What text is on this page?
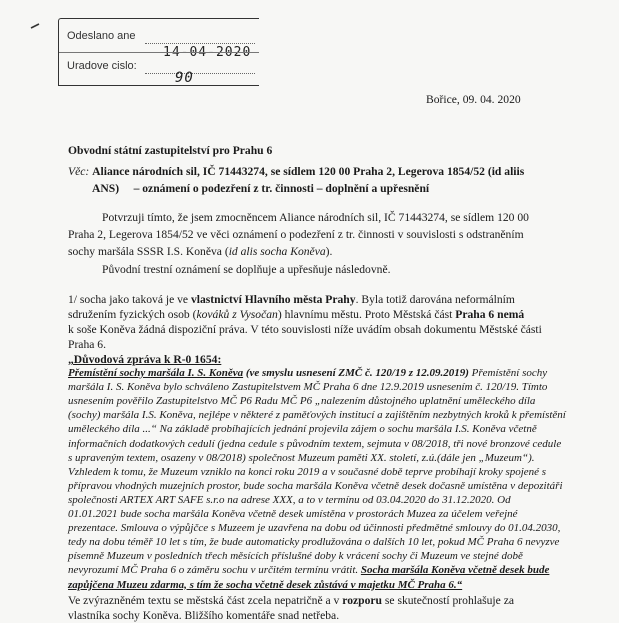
Odeslano ane
14-04-2020
Uradove cislo:
90
Bořice, 09. 04. 2020
Obvodní státní zastupitelství pro Prahu 6
Věc: Aliance národních sil, IČ 71443274, se sídlem 120 00 Praha 2, Legerova 1854/52 (id aliis
ANS) – oznámení o podezření z tr. činnosti – doplnění a upřesnění
Potvrzuji tímto, že jsem zmocněncem Aliance národních sil, IČ 71443274, se sídlem 120 00
Praha 2, Legerova 1854/52 ve věci oznámení o podezření z tr. činnosti v souvislosti s odstraněním
sochy maršála SSSR I.S. Koněva (id alis socha Koněva).
Původní trestní oznámení se doplňuje a upřesňuje následovně.
1/ socha jako taková je ve vlastnictví Hlavního města Prahy. Byla totiž darována neformálním
sdružením fyzických osob (kováků z Vysočan) hlavnímu městu. Proto Městská část Praha 6 nemá
k soše Koněva žádná dispoziční práva. V této souvislosti níže uvádím obsah dokumentu Městské části
Praha 6.
„Důvodová zpráva k R-0 1654:
Přemístění sochy maršála I. S. Koněva (ve smyslu usnesení ZMČ č. 120/19 z 12.09.2019) Přemístění sochy
maršála I. S. Koněva bylo schváleno Zastupitelstvem MČ Praha 6 dne 12.9.2019 usnesením č. 120/19. Tímto
usnesením pověřilo Zastupitelstvo MČ P6 Radu MČ P6 „nalezením důstojného uplatnění uměleckého díla
(sochy) maršála I.S. Koněva, nejlépe v některé z paměťových institucí a zajištěním nezbytných kroků k přemístění
uměleckého díla ...“ Na základě probíhajících jednání projevila zájem o sochu maršála I.S. Koněva včetně
informačních dodatkových cedulí (jedna cedule s původním textem, sejmuta v 08/2018, tři nové bronzové cedule
s upraveným textem, osazeny v 08/2018) společnost Muzeum paměti XX. století, z.ú.(dále jen „Muzeum“).
Vzhledem k tomu, že Muzeum vzniklo na konci roku 2019 a v současné době teprve probíhají kroky spojené s
přípravou vhodných muzejních prostor, bude socha maršála Koněva včetně desek dočasně umístěna v depozitáři
společnosti ARTEX ART SAFE s.r.o na adrese XXX, a to v termínu od 03.04.2020 do 31.12.2020. Od
01.01.2021 bude socha maršála Koněva včetně desek umístěna v prostorách Muzea za účelem veřejné
prezentace. Smlouva o výpůjčce s Muzeem je uzavřena na dobu od účinnosti předmětné smlouvy do 01.04.2030,
tedy na dobu téměř 10 let s tím, že bude automaticky prodlužována o dalších 10 let, pokud MČ Praha 6 nevyzve
písemně Muzeum v posledních třech měsících příslušné doby k vrácení sochy či Muzeum ve stejné době
nevyrozumí MČ Praha 6 o záměru sochu v určitém termínu vrátit. Socha maršála Koněva včetně desek bude
zapůjčena Muzeu zdarma, s tím že socha včetně desek zůstává v majetku MČ Praha 6.“
Ve zvýrazněném textu se městská část zcela nepatričně a v rozporu se skutečností prohlašuje za
vlastníka sochy Koněva. Bližšího komentáře snad netřeba.
